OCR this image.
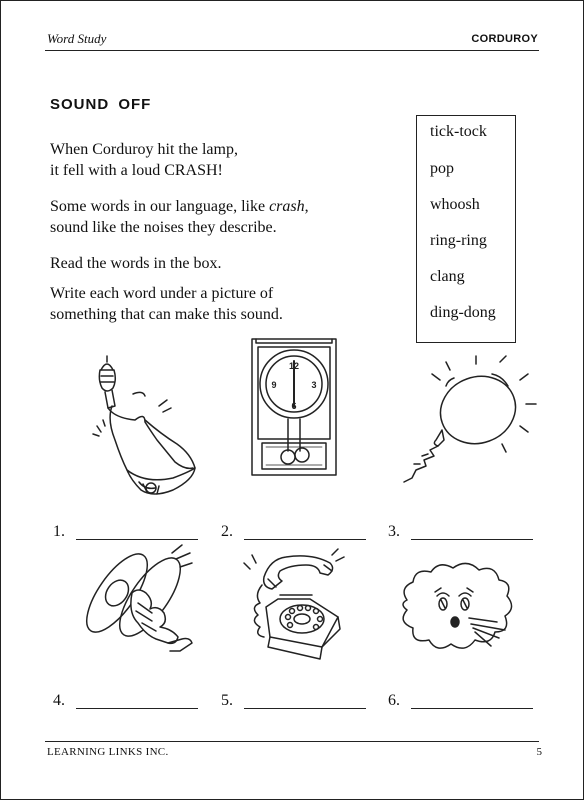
Word Study	CORDUROY
SOUND OFF
When Corduroy hit the lamp,
it fell with a loud CRASH!
Some words in our language, like crash,
sound like the noises they describe.
Read the words in the box.
Write each word under a picture of
something that can make this sound.
tick-tock
pop
whoosh
ring-ring
clang
ding-dong
12
3
6
9
1.	2.	3.
4.	5.	6.
LEARNING LINKS INC.	5
